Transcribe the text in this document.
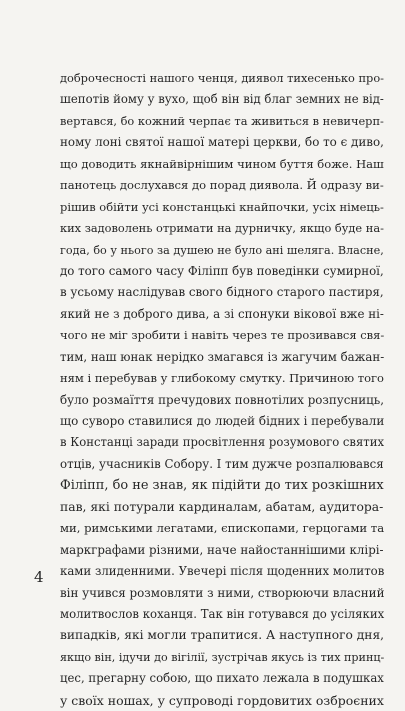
доброчесності нашого ченця, диявол тихесенько про-
шепотів йому у вухо, щоб він від благ земних не від-
вертався, бо кожний черпає та живиться в невичерп-
ному лоні святої нашої матері церкви, бо то є диво,
що доводить якнайвірнішим чином буття боже. Наш
панотець дослухався до порад диявола. Й одразу ви-
рішив обійти усі констанцькі кнайпочки, усіх німець-
ких задоволень отримати на дурничку, якщо буде на-
года, бо у нього за душею не було ані шеляга. Власне,
до того самого часу Філіпп був поведінки сумирної,
в усьому наслідував свого бідного старого пастиря,
який не з доброго дива, а зі спонуки вікової вже ні-
чого не міг зробити і навіть через те прозивався свя-
тим, наш юнак нерідко змагався із жагучим бажан-
ням і перебував у глибокому смутку. Причиною того
було розмаїття пречудових повнотілих розпусниць,
що суворо ставилися до людей бідних і перебували
в Констанці заради просвітлення розумового святих
отців, учасників Собору. І тим дужче розпалювався
Філіпп, бо не знав, як підійти до тих розкішних
пав, які потурали кардиналам, абатам, аудитора-
ми, римськими легатами, єпископами, герцогами та
маркграфами різними, наче найостаннішими клірі-
ками злиденними. Увечері після щоденних молитов
він учився розмовляти з ними, створюючи власний
молитвослов коханця. Так він готувався до усіляких
випадків, які могли трапитися. А наступного дня,
якщо він, ідучи до вігілії, зустрічав якусь із тих принц-
цес, прегарну собою, що пихато лежала в подушках
у своїх ношах, у супроводі гордовитих озброєних
4
